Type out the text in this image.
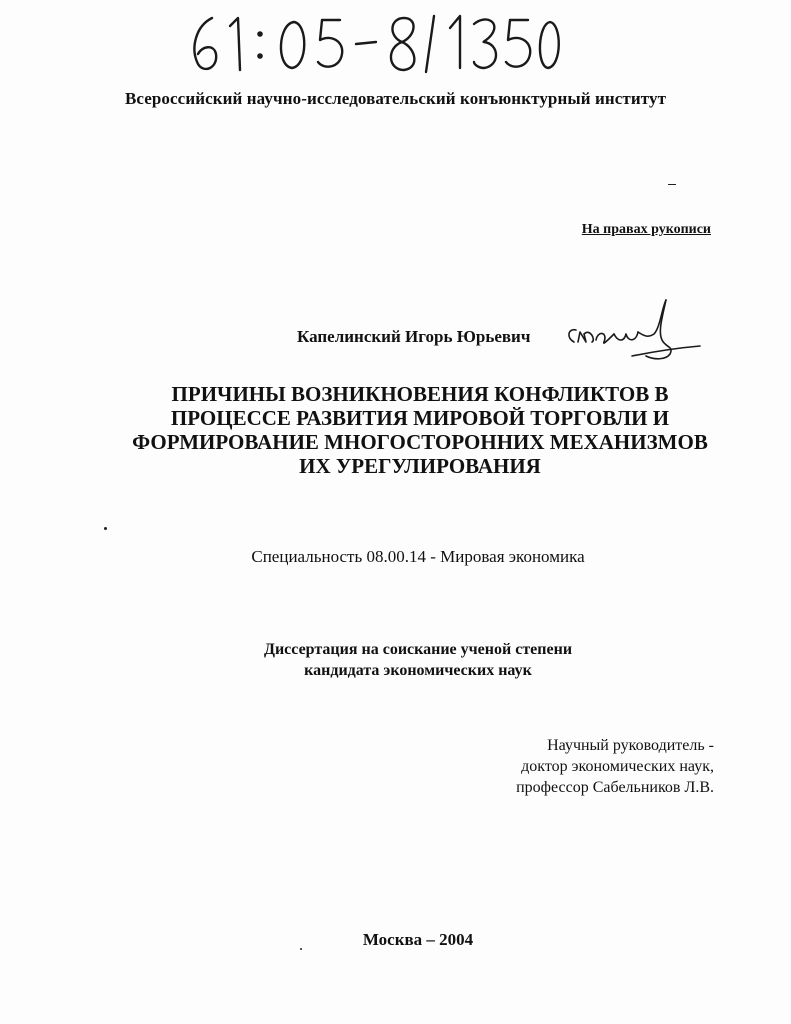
Всероссийский научно-исследовательский конъюнктурный институт
На правах рукописи
Капелинский Игорь Юрьевич
ПРИЧИНЫ ВОЗНИКНОВЕНИЯ КОНФЛИКТОВ В
ПРОЦЕССЕ РАЗВИТИЯ МИРОВОЙ ТОРГОВЛИ И
ФОРМИРОВАНИЕ МНОГОСТОРОННИХ МЕХАНИЗМОВ
ИХ УРЕГУЛИРОВАНИЯ
Специальность 08.00.14 - Мировая экономика
Диссертация на соискание ученой степени
кандидата экономических наук
Научный руководитель -
доктор экономических наук,
профессор Сабельников Л.В.
Москва – 2004
